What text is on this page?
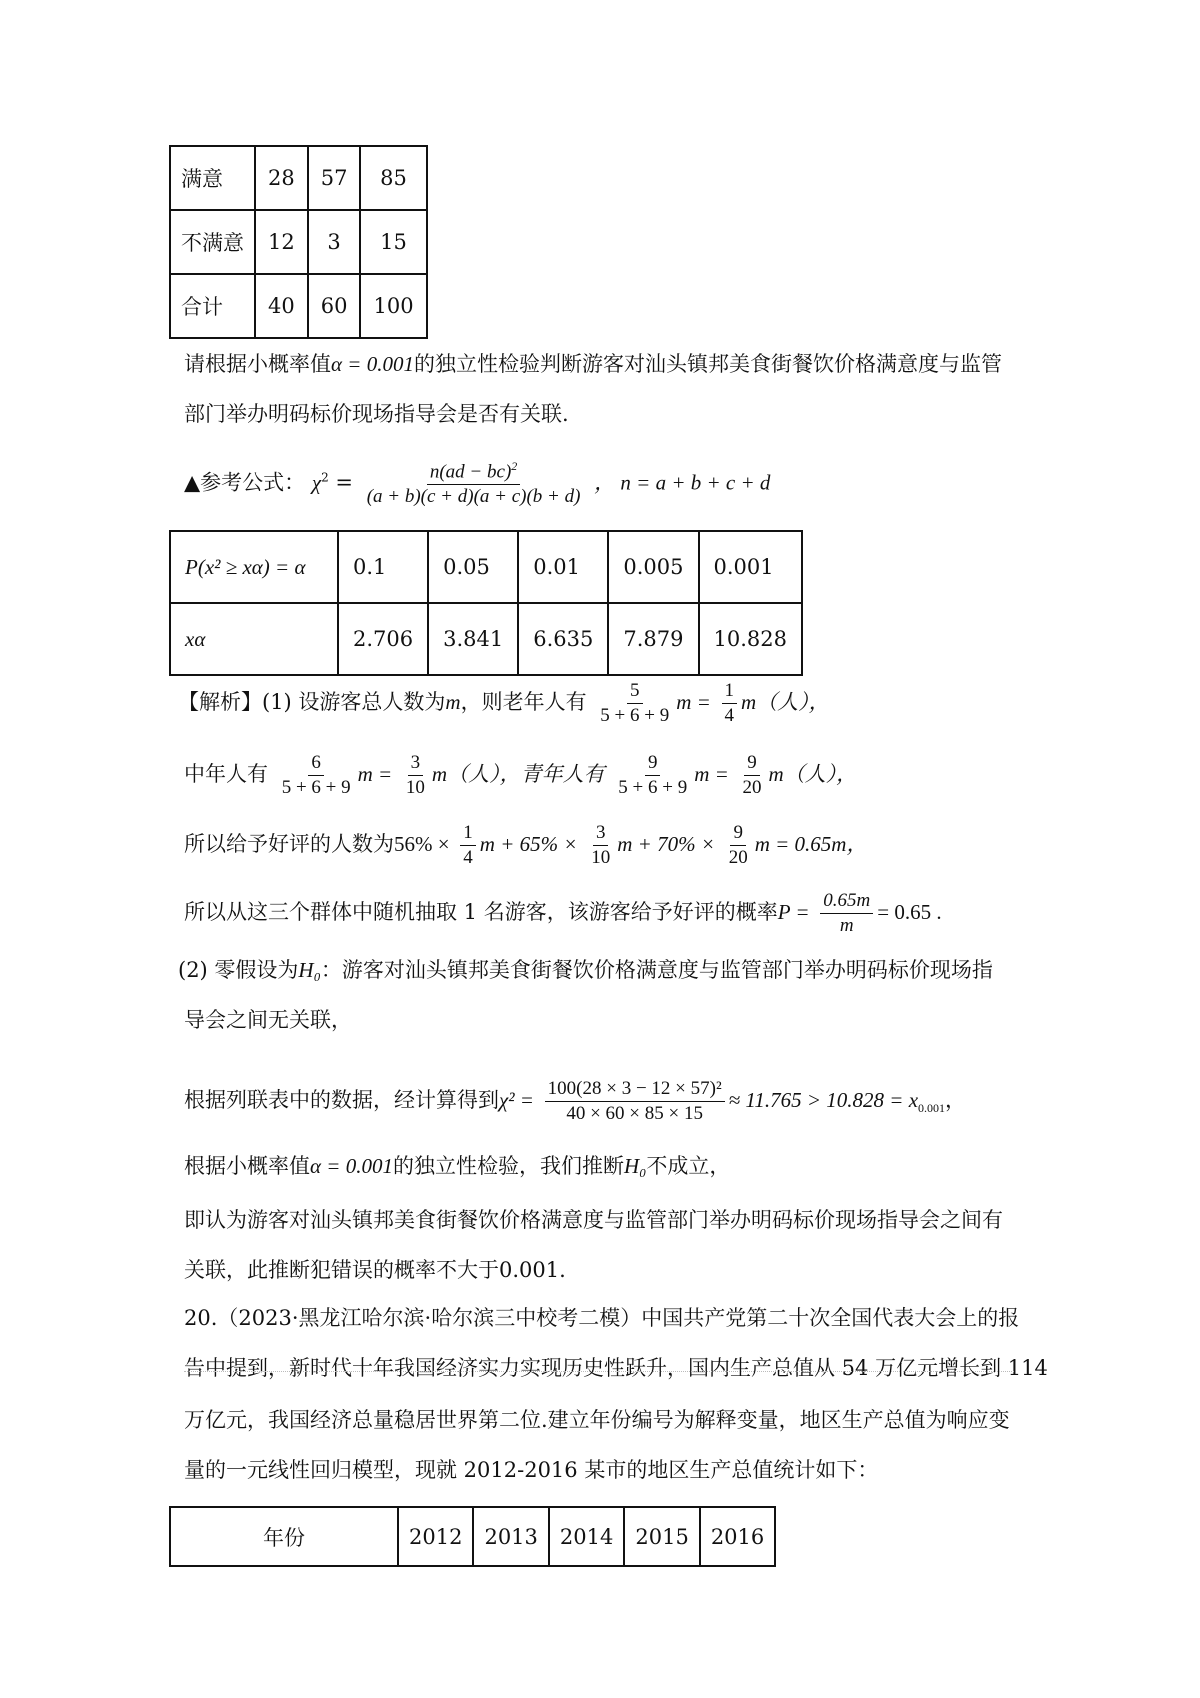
满意	28	57	85
不满意	12	3	15
合计	40	60	100
请根据小概率值α = 0.001的独立性检验判断游客对汕头镇邦美食街餐饮价格满意度与监管
部门举办明码标价现场指导会是否有关联.
▲参考公式： $\chi^2 = \frac{n(ad - bc)^2}{(a + b)(c + d)(a + c)(b + d)}$ ， n = a + b + c + d
P(x² ≥ xα) = α	0.1	0.05	0.01	0.005	0.001
xα	2.706	3.841	6.635	7.879	10.828
【解析】(1) 设游客总人数为m，则老年人有 $\frac{5}{5 + 6 + 9}$ $m = \frac{1}{4} m$（人），
中年人有 $\frac{6}{5 + 6 + 9}$ $m = \frac{3}{10} m$（人），青年人有 $\frac{9}{5 + 6 + 9}$ $m = \frac{9}{20} m$（人），
所以给予好评的人数为$56\% \times \frac{1}{4}$ $m + 65\% \times \frac{3}{10}$ $m + 70\% \times \frac{9}{20}$ m = 0.65m，
所以从这三个群体中随机抽取 1 名游客，该游客给予好评的概率$P = \frac{0.65m}{m} = 0.65$ .
(2) 零假设为H₀：游客对汕头镇邦美食街餐饮价格满意度与监管部门举办明码标价现场指
导会之间无关联，
根据列联表中的数据，经计算得到$\chi^2 = \frac{\text{100(28 × 3 − 12 × 57)²}}{40 \times 60 \times 85 \times 15} \approx 11.765 > 10.828 = x_{0.001}$，
根据小概率值α = 0.001的独立性检验，我们推断H₀不成立，
即认为游客对汕头镇邦美食街餐饮价格满意度与监管部门举办明码标价现场指导会之间有
关联，此推断犯错误的概率不大于0.001.
20.（2023·黑龙江哈尔滨·哈尔滨三中校考二模）中国共产党第二十次全国代表大会上的报
告中提到，新时代十年我国经济实力实现历史性跃升，国内生产总值从 54 万亿元增长到 114
万亿元，我国经济总量稳居世界第二位.建立年份编号为解释变量，地区生产总值为响应变
量的一元线性回归模型，现就 2012-2016 某市的地区生产总值统计如下：
年份	2012	2013	2014	2015	2016
